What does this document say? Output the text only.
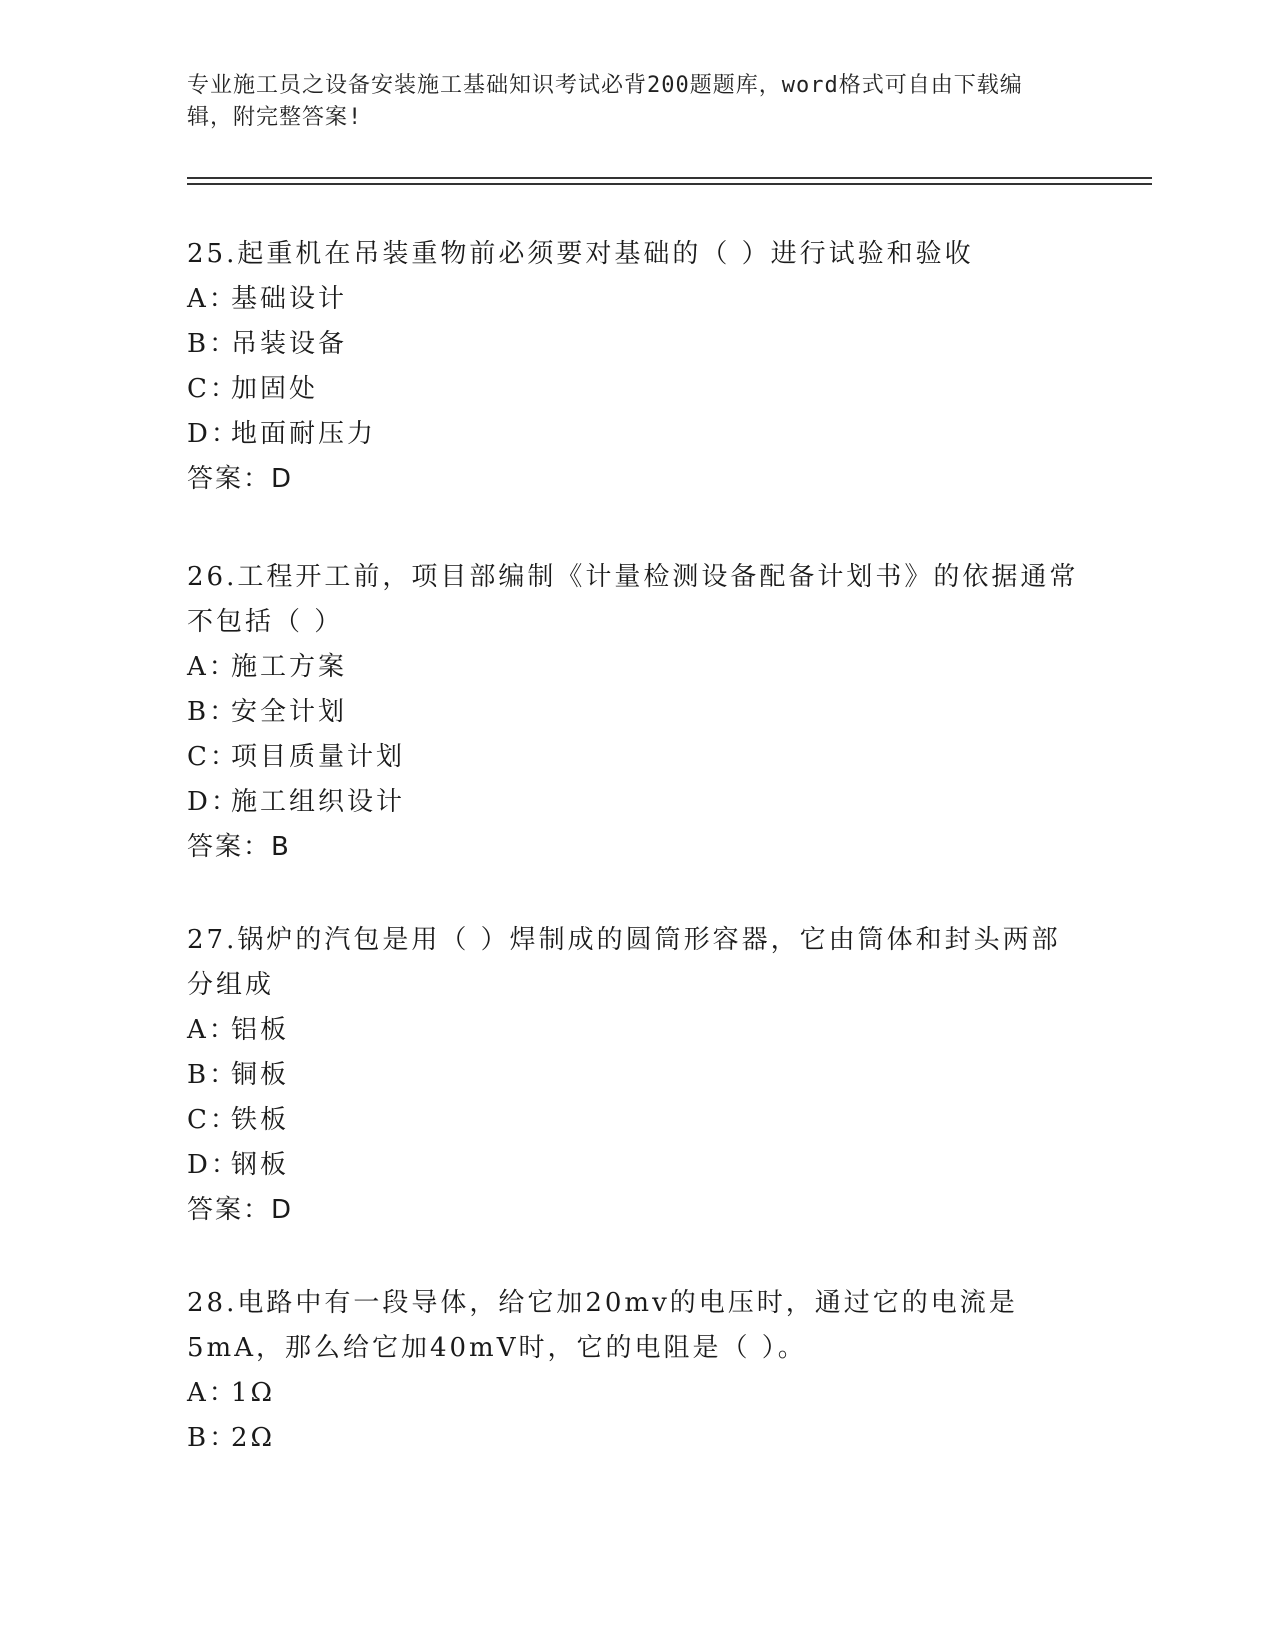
专业施工员之设备安装施工基础知识考试必背200题题库，word格式可自由下载编辑，附完整答案!

25.起重机在吊装重物前必须要对基础的（ ）进行试验和验收

A：基础设计

B：吊装设备

C：加固处

D：地面耐压力

答案：D

26.工程开工前，项目部编制《计量检测设备配备计划书》的依据通常不包括（ ）

A：施工方案

B：安全计划

C：项目质量计划

D：施工组织设计

答案：B

27.锅炉的汽包是用（ ）焊制成的圆筒形容器，它由筒体和封头两部分组成

A：铝板

B：铜板

C：铁板

D：钢板

答案：D

28.电路中有一段导体，给它加20mv的电压时，通过它的电流是5mA，那么给它加40mV时，它的电阻是（ ）。

A：1Ω

B：2Ω
